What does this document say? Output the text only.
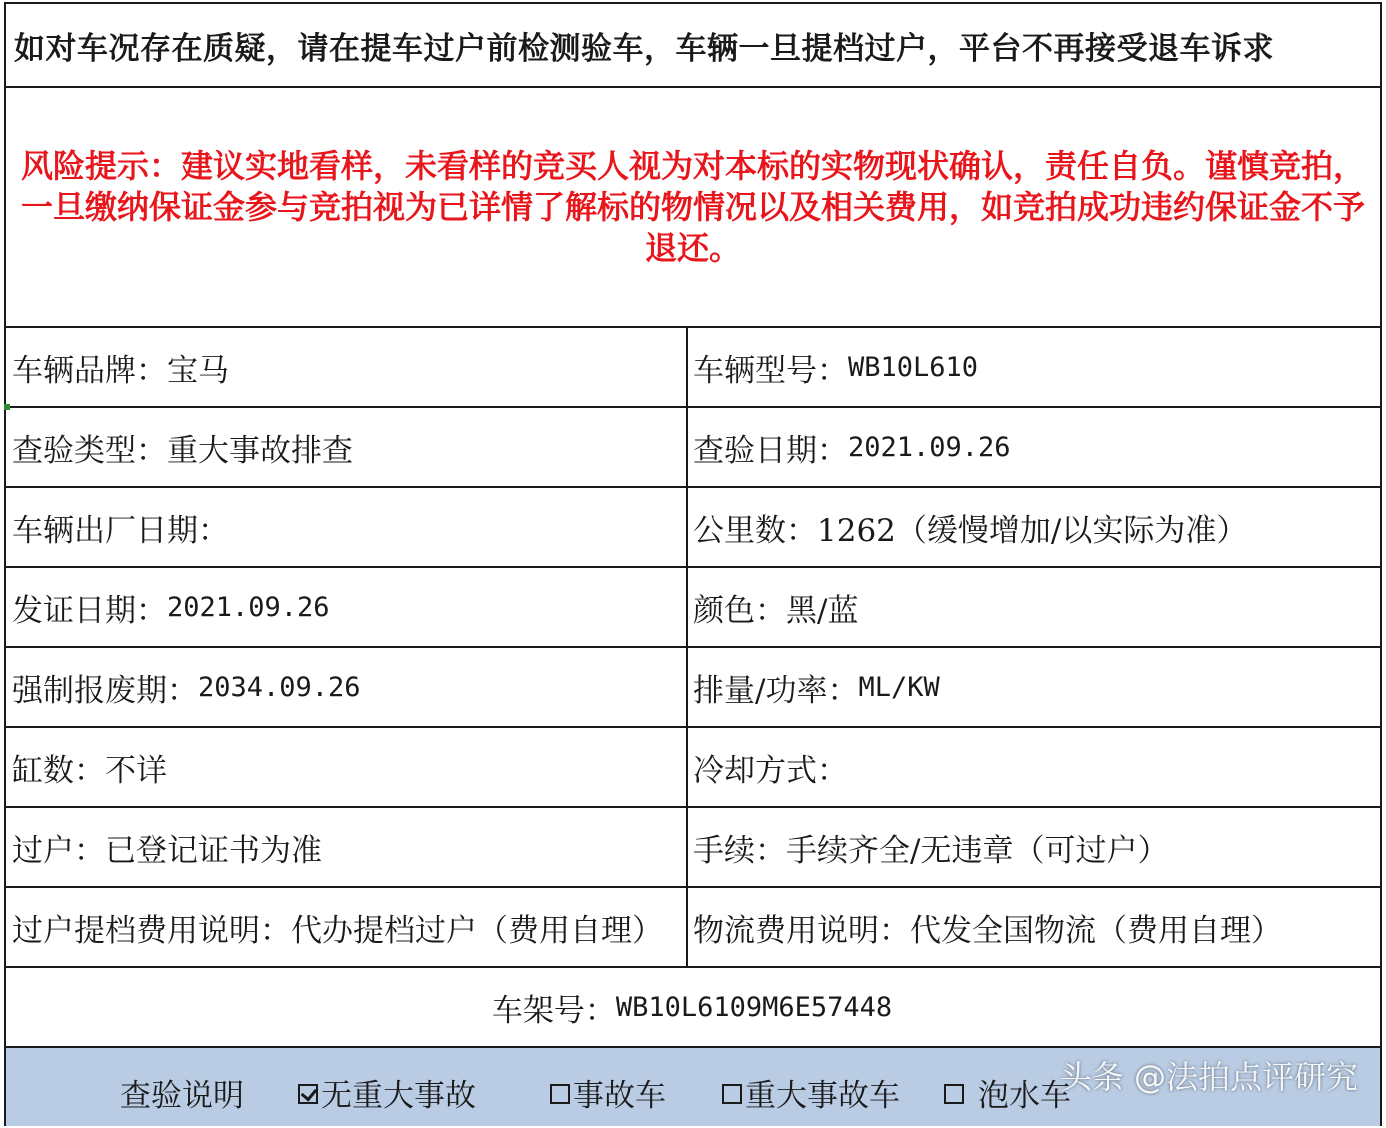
如对车况存在质疑，请在提车过户前检测验车，车辆一旦提档过户，平台不再接受退车诉求
风险提示：建议实地看样，未看样的竞买人视为对本标的实物现状确认，责任自负。谨慎竞拍，一旦缴纳保证金参与竞拍视为已详情了解标的物情况以及相关费用，如竞拍成功违约保证金不予退还。
车辆品牌： 宝马	车辆型号： WB10L610
查验类型： 重大事故排查	查验日期： 2021.09.26
车辆出厂日期：	公里数： 1262（缓慢增加/以实际为准）
发证日期： 2021.09.26	颜色： 黑/蓝
强制报废期： 2034.09.26	排量/功率： ML/KW
缸数： 不详	冷却方式：
过户： 已登记证书为准	手续： 手续齐全/无违章（可过户）
过户提档费用说明： 代办提档过户（费用自理） 物流费用说明： 代发全国物流（费用自理）
车架号： WB10L6109M6E57448
查验说明 无重大事故	事故车	重大事故车	泡水车
头条 @法拍点评研究
